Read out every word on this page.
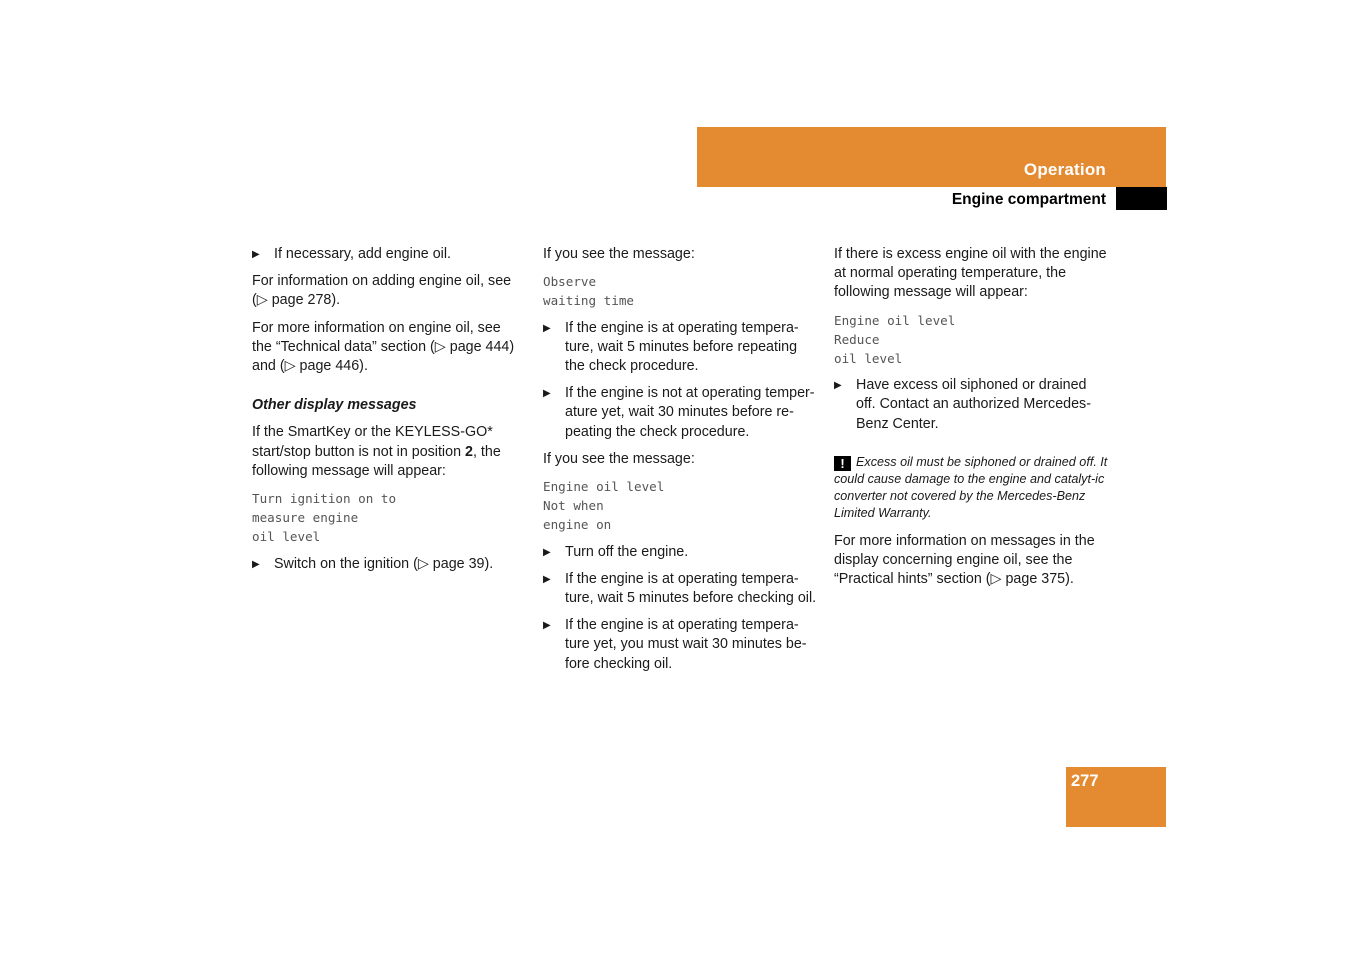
Operation
Engine compartment
▶ If necessary, add engine oil.

For information on adding engine oil, see (▷ page 278).

For more information on engine oil, see the “Technical data” section (▷ page 444) and (▷ page 446).

Other display messages

If the SmartKey or the KEYLESS-GO* start/stop button is not in position 2, the following message will appear:

Turn ignition on to
measure engine
oil level
▶ Switch on the ignition (▷ page 39).

If you see the message:

Observe
waiting time
▶ If the engine is at operating tempera-ture, wait 5 minutes before repeating the check procedure.
▶ If the engine is not at operating temper-ature yet, wait 30 minutes before re-peating the check procedure.

If you see the message:

Engine oil level
Not when
engine on
▶ Turn off the engine.
▶ If the engine is at operating tempera-ture, wait 5 minutes before checking oil.
▶ If the engine is at operating tempera-ture yet, you must wait 30 minutes be-fore checking oil.

If there is excess engine oil with the engine at normal operating temperature, the following message will appear:

Engine oil level
Reduce
oil level
▶ Have excess oil siphoned or drained off. Contact an authorized Mercedes-Benz Center.
! Excess oil must be siphoned or drained off. It could cause damage to the engine and catalyt-ic converter not covered by the Mercedes-Benz Limited Warranty.

For more information on messages in the display concerning engine oil, see the “Practical hints” section (▷ page 375).

277
